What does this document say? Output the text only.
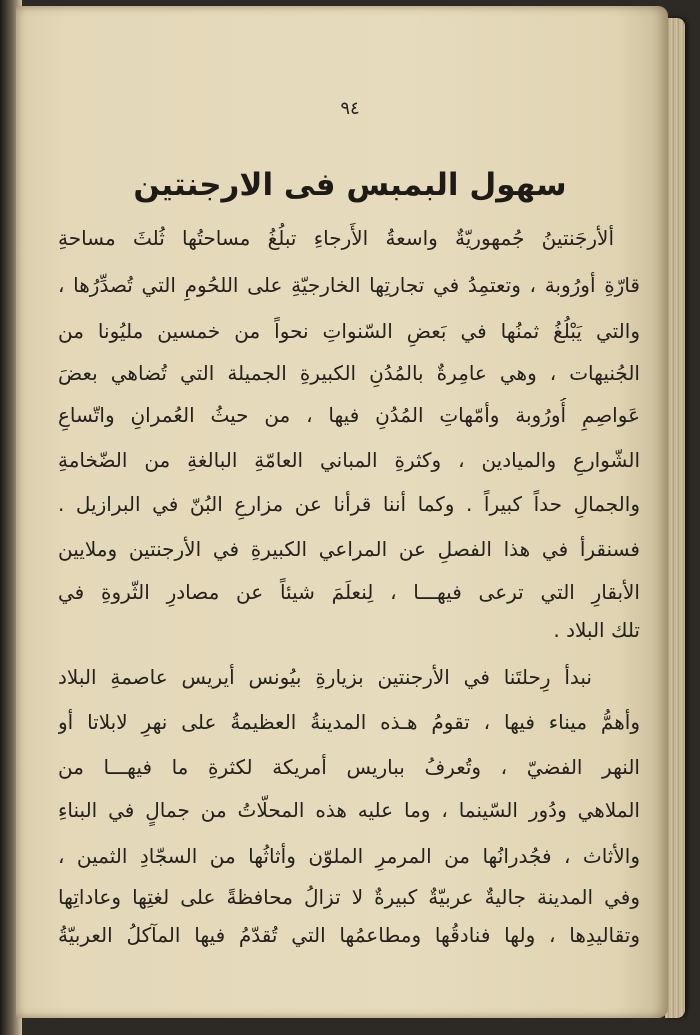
٩٤
سهول البمبس فى الارجنتين
ألأرجَنتينُ جُمهوريّةٌ واسعةُ الأَرجاءِ تبلُغُ مساحتُها ثُلثَ مساحةِ
قارّةِ أورُوبة ، وتعتمِدُ في تجارتِها الخارجيّةِ على اللحُومِ التي تُصدِّرُها ،
والتي يَبْلُغُ ثمنُها في بَعضِ السّنواتِ نحواً من خمسين مليُونا من
الجُنيهات ، وهي عامِرةٌ بالمُدُنِ الكبيرةِ الجميلة التي تُضاهي بعضَ
عَواصِمِ أُورُوبة وأمّهاتِ المُدُنِ فيها ، من حيثُ العُمرانِ واتّساعِ
الشّوارعِ والميادين ، وكثرةِ المباني العامّةِ البالغةِ من الضّخامةِ
والجمالِ حداً كبيراً . وكما أننا قرأنا عن مزارعِ البُنّ في البرازيل .
فسنقرأ في هذا الفصلِ عن المراعي الكبيرةِ في الأرجنتين وملايين
الأبقارِ التي ترعى فيهـــا ، لِنعلَمَ شيئاً عن مصادرِ الثّروةِ في
تلك البلاد .
نبدأ رِحلتَنا في الأرجنتين بزيارةِ بيُونس أيريس عاصمةِ البلاد
وأهمُّ ميناء فيها ، تقومُ هـذه المدينةُ العظيمةُ على نهرِ لابلاتا أو
النهر الفضيّ ، وتُعرفُ بباريس أمريكة لكثرةِ ما فيهـــا من
الملاهي ودُور السّينما ، وما عليه هذه المحلّاتُ من جمالٍ في البناءِ
والأثاث ، فجُدرانُها من المرمرِ الملوّن وأثاثُها من السجّادِ الثمين ،
وفي المدينة جاليةٌ عربيّةٌ كبيرةٌ لا تزالُ محافظةً على لغتِها وعاداتِها
وتقاليدِها ، ولها فنادقُها ومطاعمُها التي تُقدّمُ فيها المآكلُ العربيّةُ
